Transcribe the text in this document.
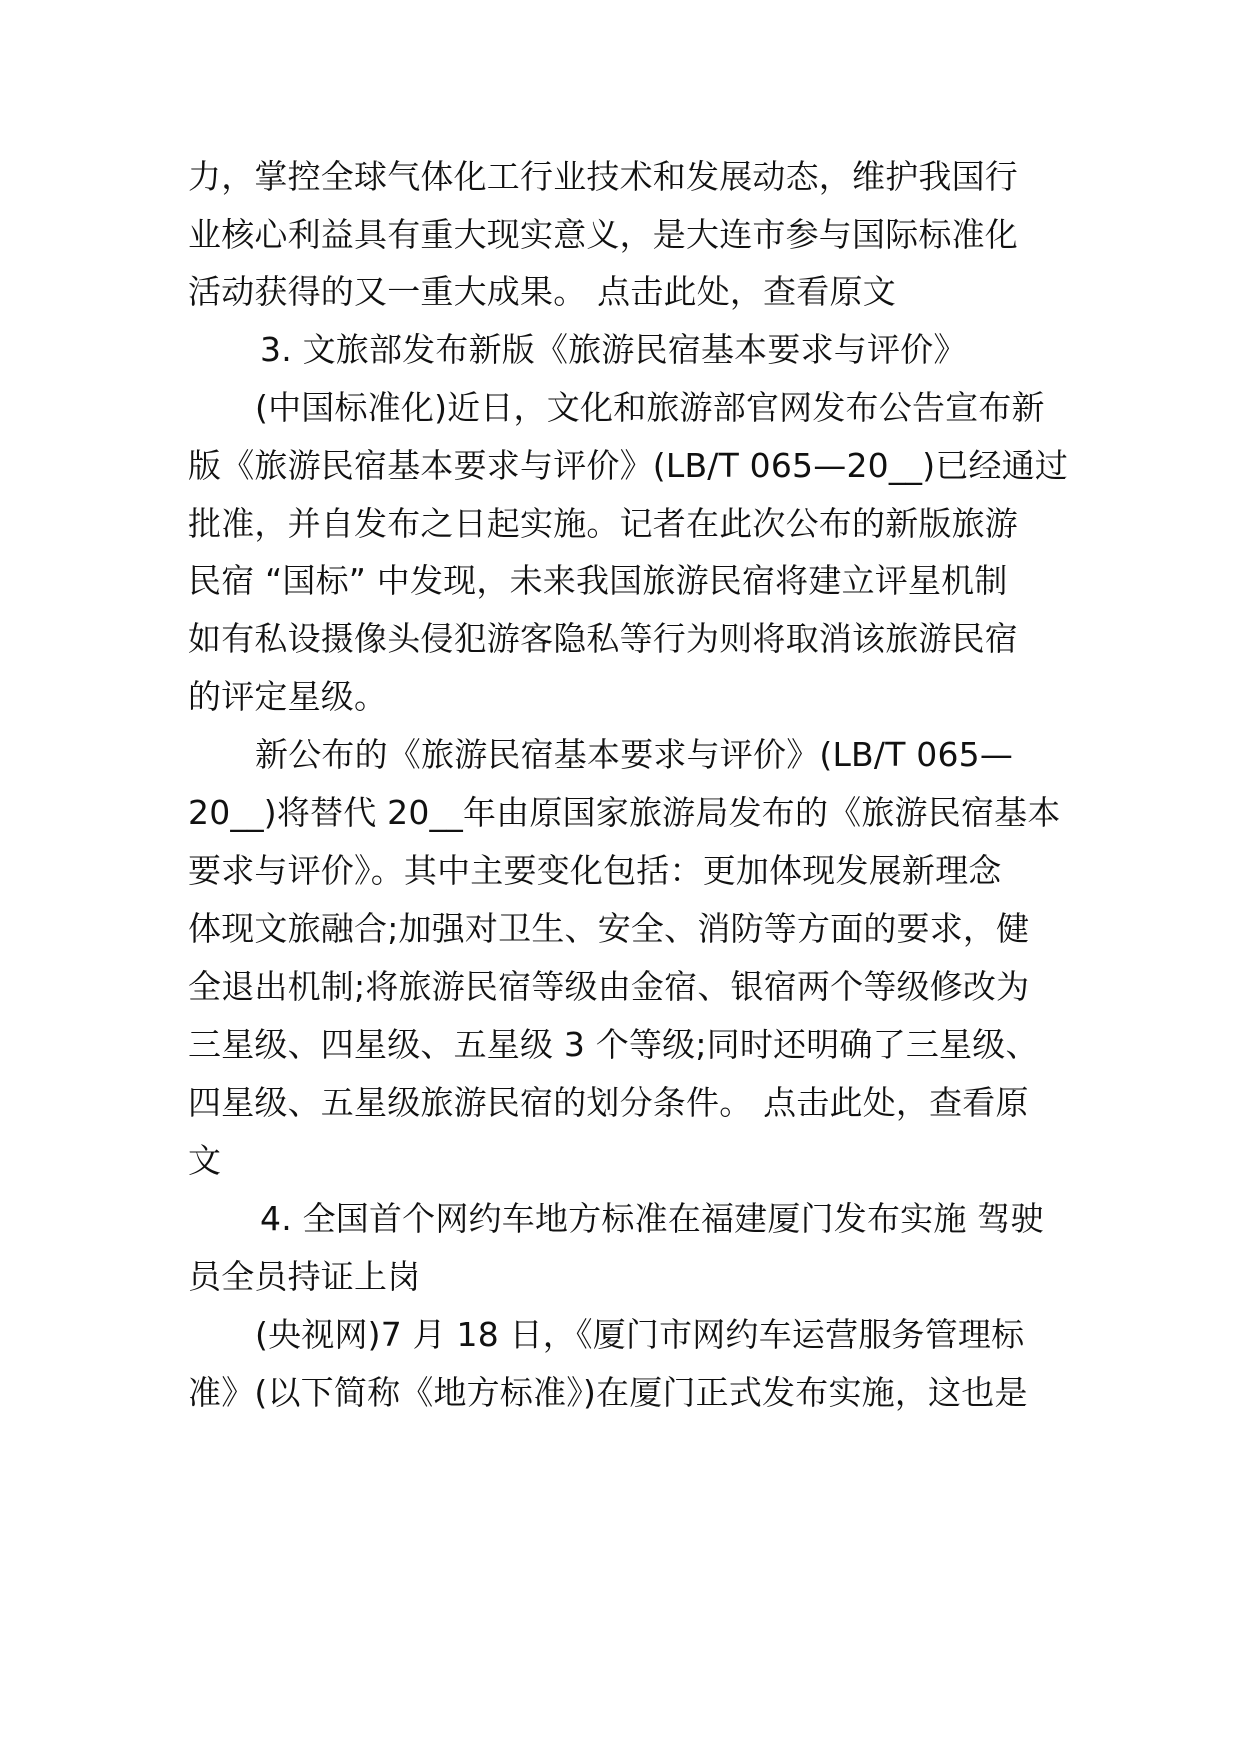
力，掌控全球气体化工行业技术和发展动态，维护我国行
业核心利益具有重大现实意义，是大连市参与国际标准化
活动获得的又一重大成果。 点击此处，查看原文
3. 文旅部发布新版《旅游民宿基本要求与评价》
(中国标准化)近日，文化和旅游部官网发布公告宣布新
版《旅游民宿基本要求与评价》(LB/T 065—20__)已经通过
批准，并自发布之日起实施。记者在此次公布的新版旅游
民宿 “国标” 中发现，未来我国旅游民宿将建立评星机制
如有私设摄像头侵犯游客隐私等行为则将取消该旅游民宿
的评定星级。
新公布的《旅游民宿基本要求与评价》(LB/T 065—
20__)将替代 20__年由原国家旅游局发布的《旅游民宿基本
要求与评价》。其中主要变化包括：更加体现发展新理念
体现文旅融合;加强对卫生、安全、消防等方面的要求，健
全退出机制;将旅游民宿等级由金宿、银宿两个等级修改为
三星级、四星级、五星级 3 个等级;同时还明确了三星级、
四星级、五星级旅游民宿的划分条件。 点击此处，查看原
文
4. 全国首个网约车地方标准在福建厦门发布实施 驾驶
员全员持证上岗
(央视网)7 月 18 日，《厦门市网约车运营服务管理标
准》(以下简称《地方标准》)在厦门正式发布实施，这也是
